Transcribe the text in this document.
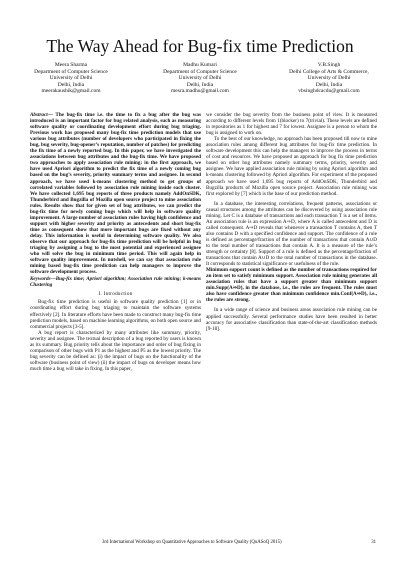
The Way Ahead for Bug-fix time Prediction
Meera Sharma
Department of Computer Science
University of Delhi
Delhi, India
meerakaushik@gmail.com
Madhu Kumari
Department of Computer Science
University of Delhi
Delhi, India
mesra.madhu@gmail.com
V.B.Singh
Delhi College of Arts & Commerce,
University of Delhi
Delhi, India
vbsinghdcacdu@gmail.com

Abstract— The bug-fix time i.e. the time to fix a bug after the bug was introduced is an important factor for bug related analysis, such as measuring software quality or coordinating development effort during bug triaging. Previous work has proposed many bug-fix time prediction models that use various bug attributes (number of developers who participated in fixing the bug, bug severity, bug-opener’s reputation, number of patches) for predicting the fix time of a newly reported bug. In this paper, we have investigated the associations between bug attributes and the bug-fix time. We have proposed two approaches to apply association rule mining: in the first approach, we have used Apriori algorithm to predict the fix time of a newly coming bug based on the bug’s severity, priority summary terms and assignee. In second approach, we have used k-means clustering method to get groups of correlated variables followed by association rule mining inside each cluster. We have collected 1,695 bug reports of three products namely AddOnSDK, Thunderbird and Bugzilla of Mozilla open source project to mine association rules. Results show that for given set of bug attributes, we can predict the bug-fix time for newly coming bugs which will help in software quality improvement. A large number of association rules having high confidence and support with higher severity and priority as antecedents and short bug-fix time as consequent show that more important bugs are fixed without any delay. This information is useful in determining software quality. We also observe that our approach for bug-fix time prediction will be helpful in bug triaging by assigning a bug to the most potential and experienced assignee who will solve the bug in minimum time period. This will again help in software quality improvement. In nutshell, we can say that association rule mining based bug-fix time prediction can help managers to improve the software development process.

Keywords—Bug-fix time; Apriori algorithm; Association rule mining; k-means Clustering

I. Introduction

Bug-fix time prediction is useful in software quality prediction [1] or in coordinating effort during bug triaging to maintain the software systems effectively [2]. In literature efforts have been made to construct many bug-fix time prediction models, based on machine learning algorithms, on both open source and commercial projects [3-5].

A bug report is characterized by many attributes like summary, priority, severity and assignee. The textual description of a bug reported by users is known as its summary. Bug priority tells about the importance and order of bug fixing in comparison of other bugs with P1 as the highest and P5 as the lowest priority. The bug severity can be defined as: (i) the impact of bugs on the functionality of the software (business point of view) (ii) the impact of bugs on developer means how much time a bug will take in fixing. In this paper,

we consider the bug severity from the business point of view. It is measured according to different levels from 1(blocker) to 7(trivial). These levels are defined in repositories as 1 for highest and 7 for lowest. Assignee is a person to whom the bug is assigned to work on.

To the best of our knowledge, no approach has been proposed till now to mine association rules among different bug attributes for bug-fix time prediction. In software development this can help the managers to improve the process in terms of cost and resources. We have proposed an approach for bug fix time prediction based on other bug attributes namely summary terms, priority, severity and assignee. We have applied association rule mining by using Apriori algorithm and k-means clustering followed by Apriori algorithm. For experiment of the proposed approach we have used 1,695 bug reports of AddOnSDK, Thunderbird and Bugzilla products of Mozilla open source project. Association rule mining was first explored by [7] which is the base of our prediction method.

In a database, the interesting correlations, frequent patterns, associations or causal structures among the attributes can be discovered by using association rule mining. Let C is a database of transactions and each transaction T is a set of items. An association rule is an expression A⇒D, where A is called antecedent and D is called consequent. A⇒D reveals that whenever a transaction T contains A, then T also contains D with a specified confidence and support. The confidence of a rule is defined as percentage/fraction of the number of transactions that contain A∪D to the total number of transactions that contain A. It is a measure of the rule’s strength or certainty [8]. Support of a rule is defined as the percentage/fraction of transactions that contain A∪D to the total number of transactions in the database. It corresponds to statistical significance or usefulness of the rule.

Minimum support count is defined as the number of transactions required for an item set to satisfy minimum support. Association rule mining generates all association rules that have a support greater than minimum support min.Supp(A⇒D), in the database, i.e., the rules are frequent. The rules must also have confidence greater than minimum confidence min.Conf(A⇒D), i.e., the rules are strong.

In a wide range of science and business areas association rule mining can be applied successfully. Several performance studies have been resulted in better accuracy for associative classification than state-of-the-art classification methods [9-18].

3rd International Workshop on Quantitative Approaches to Software Quality (QuASoQ 2015)	31
